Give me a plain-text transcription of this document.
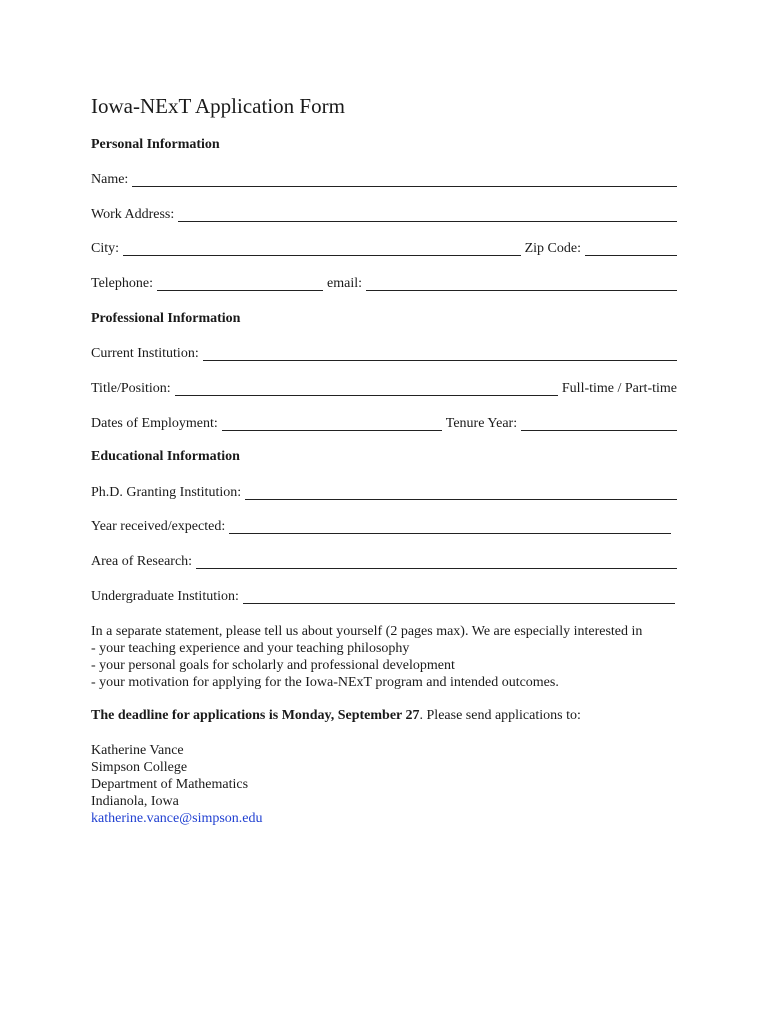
Iowa-NExT Application Form
Personal Information
Name:
Work Address:
City:	Zip Code:
Telephone:	email:
Professional Information
Current Institution:
Title/Position:	Full-time / Part-time
Dates of Employment:	Tenure Year:
Educational Information
Ph.D. Granting Institution:
Year received/expected:
Area of Research:
Undergraduate Institution:
In a separate statement, please tell us about yourself (2 pages max). We are especially interested in
- your teaching experience and your teaching philosophy
- your personal goals for scholarly and professional development
- your motivation for applying for the Iowa-NExT program and intended outcomes.
The deadline for applications is Monday, September 27. Please send applications to:
Katherine Vance
Simpson College
Department of Mathematics
Indianola, Iowa
katherine.vance@simpson.edu
